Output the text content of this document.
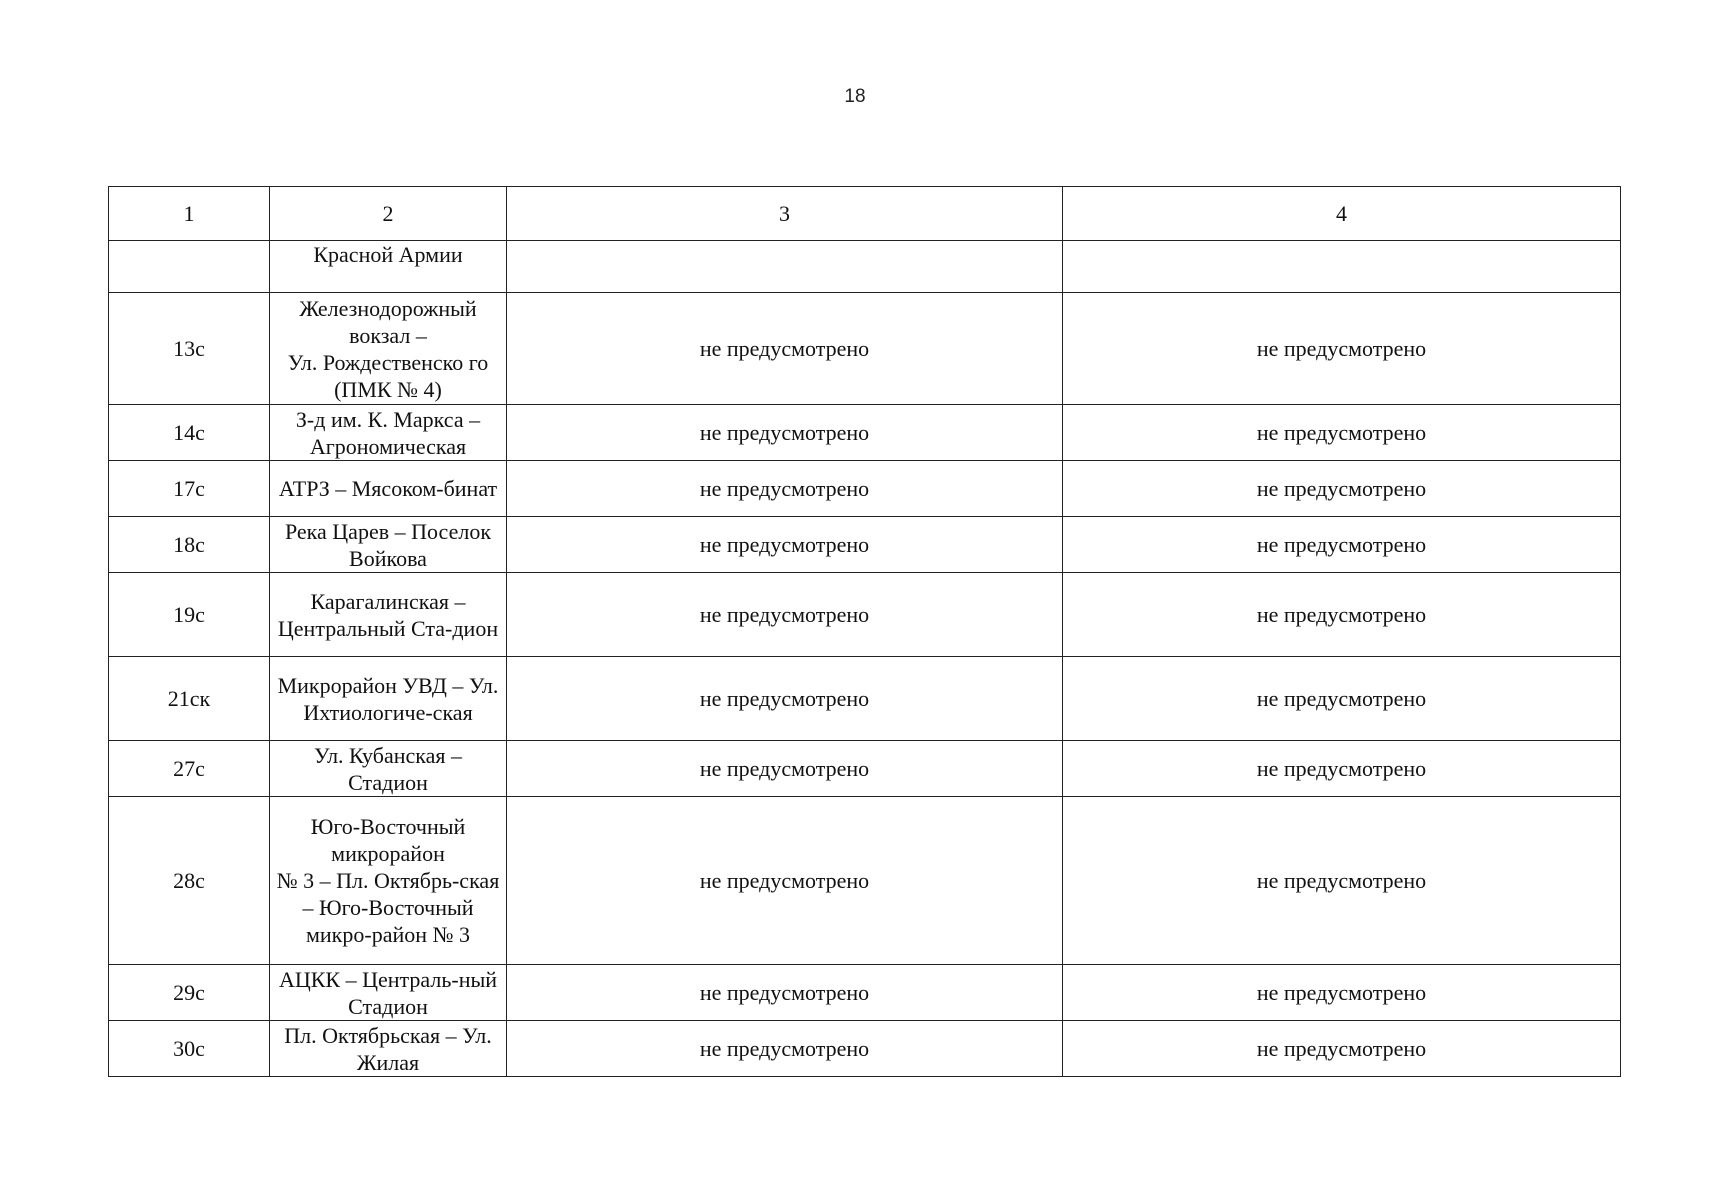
18
1	2	3	4
	Красной Армии		
13с	Железнодорожный вокзал –
Ул. Рождественско го (ПМК № 4)	не предусмотрено	не предусмотрено
14с	З-д им. К. Маркса – Агрономическая	не предусмотрено	не предусмотрено
17с	АТРЗ – Мясоком-бинат	не предусмотрено	не предусмотрено
18с	Река Царев – Поселок Войкова	не предусмотрено	не предусмотрено
19с	Карагалинская – Центральный Ста-дион	не предусмотрено	не предусмотрено
21ск	Микрорайон УВД – Ул. Ихтиологиче-ская	не предусмотрено	не предусмотрено
27с	Ул. Кубанская – Стадион	не предусмотрено	не предусмотрено
28с	Юго-Восточный микрорайон
№ 3 – Пл. Октябрь-ская – Юго-Восточный микро-район № 3	не предусмотрено	не предусмотрено
29с	АЦКК – Централь-ный Стадион	не предусмотрено	не предусмотрено
30с	Пл. Октябрьская – Ул. Жилая	не предусмотрено	не предусмотрено
